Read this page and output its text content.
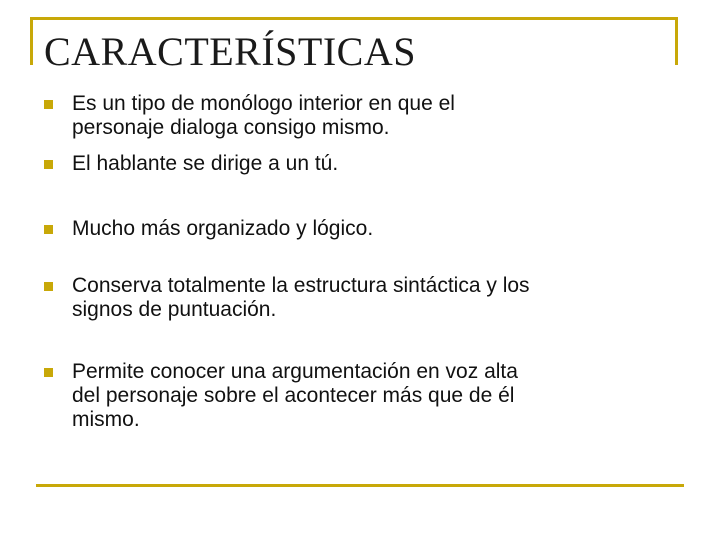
CARACTERÍSTICAS
Es un tipo de monólogo interior en que el
personaje dialoga consigo mismo.
El hablante se dirige a un tú.
Mucho más organizado y lógico.
Conserva totalmente la estructura sintáctica y los
signos de puntuación.
Permite conocer una argumentación en voz alta
del personaje sobre el acontecer más que de él
mismo.
